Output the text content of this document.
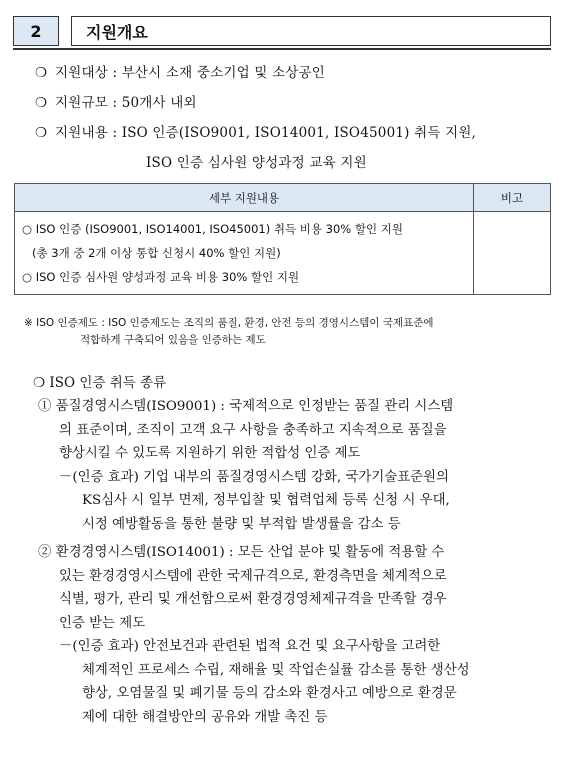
2	지원개요
❍ 지원대상 : 부산시 소재 중소기업 및 소상공인
❍ 지원규모 : 50개사 내외
❍ 지원내용 : ISO 인증(ISO9001, ISO14001, ISO45001) 취득 지원,
ISO 인증 심사원 양성과정 교육 지원
세부 지원내용	비고

○ ISO 인증 (ISO9001, ISO14001, ISO45001) 취득 비용 30% 할인 지원
(총 3개 중 2개 이상 통합 신청시 40% 할인 지원)
○ ISO 인증 심사원 양성과정 교육 비용 30% 할인 지원	

※ ISO 인증제도 : ISO 인증제도는 조직의 품질, 환경, 안전 등의 경영시스템이 국제표준에
적합하게 구축되어 있음을 인증하는 제도
❍ ISO 인증 취득 종류
① 품질경영시스템(ISO9001) : 국제적으로 인정받는 품질 관리 시스템
의 표준이며, 조직이 고객 요구 사항을 충족하고 지속적으로 품질을
향상시킬 수 있도록 지원하기 위한 적합성 인증 제도
－(인증 효과) 기업 내부의 품질경영시스템 강화, 국가기술표준원의
KS심사 시 일부 면제, 정부입찰 및 협력업체 등록 신청 시 우대,
시정 예방활동을 통한 불량 및 부적합 발생률을 감소 등
② 환경경영시스템(ISO14001) : 모든 산업 분야 및 활동에 적용할 수
있는 환경경영시스템에 관한 국제규격으로, 환경측면을 체계적으로
식별, 평가, 관리 및 개선함으로써 환경경영체제규격을 만족할 경우
인증 받는 제도
－(인증 효과) 안전보건과 관련된 법적 요건 및 요구사항을 고려한
체계적인 프로세스 수립, 재해율 및 작업손실률 감소를 통한 생산성
향상, 오염물질 및 폐기물 등의 감소와 환경사고 예방으로 환경문
제에 대한 해결방안의 공유와 개발 촉진 등
